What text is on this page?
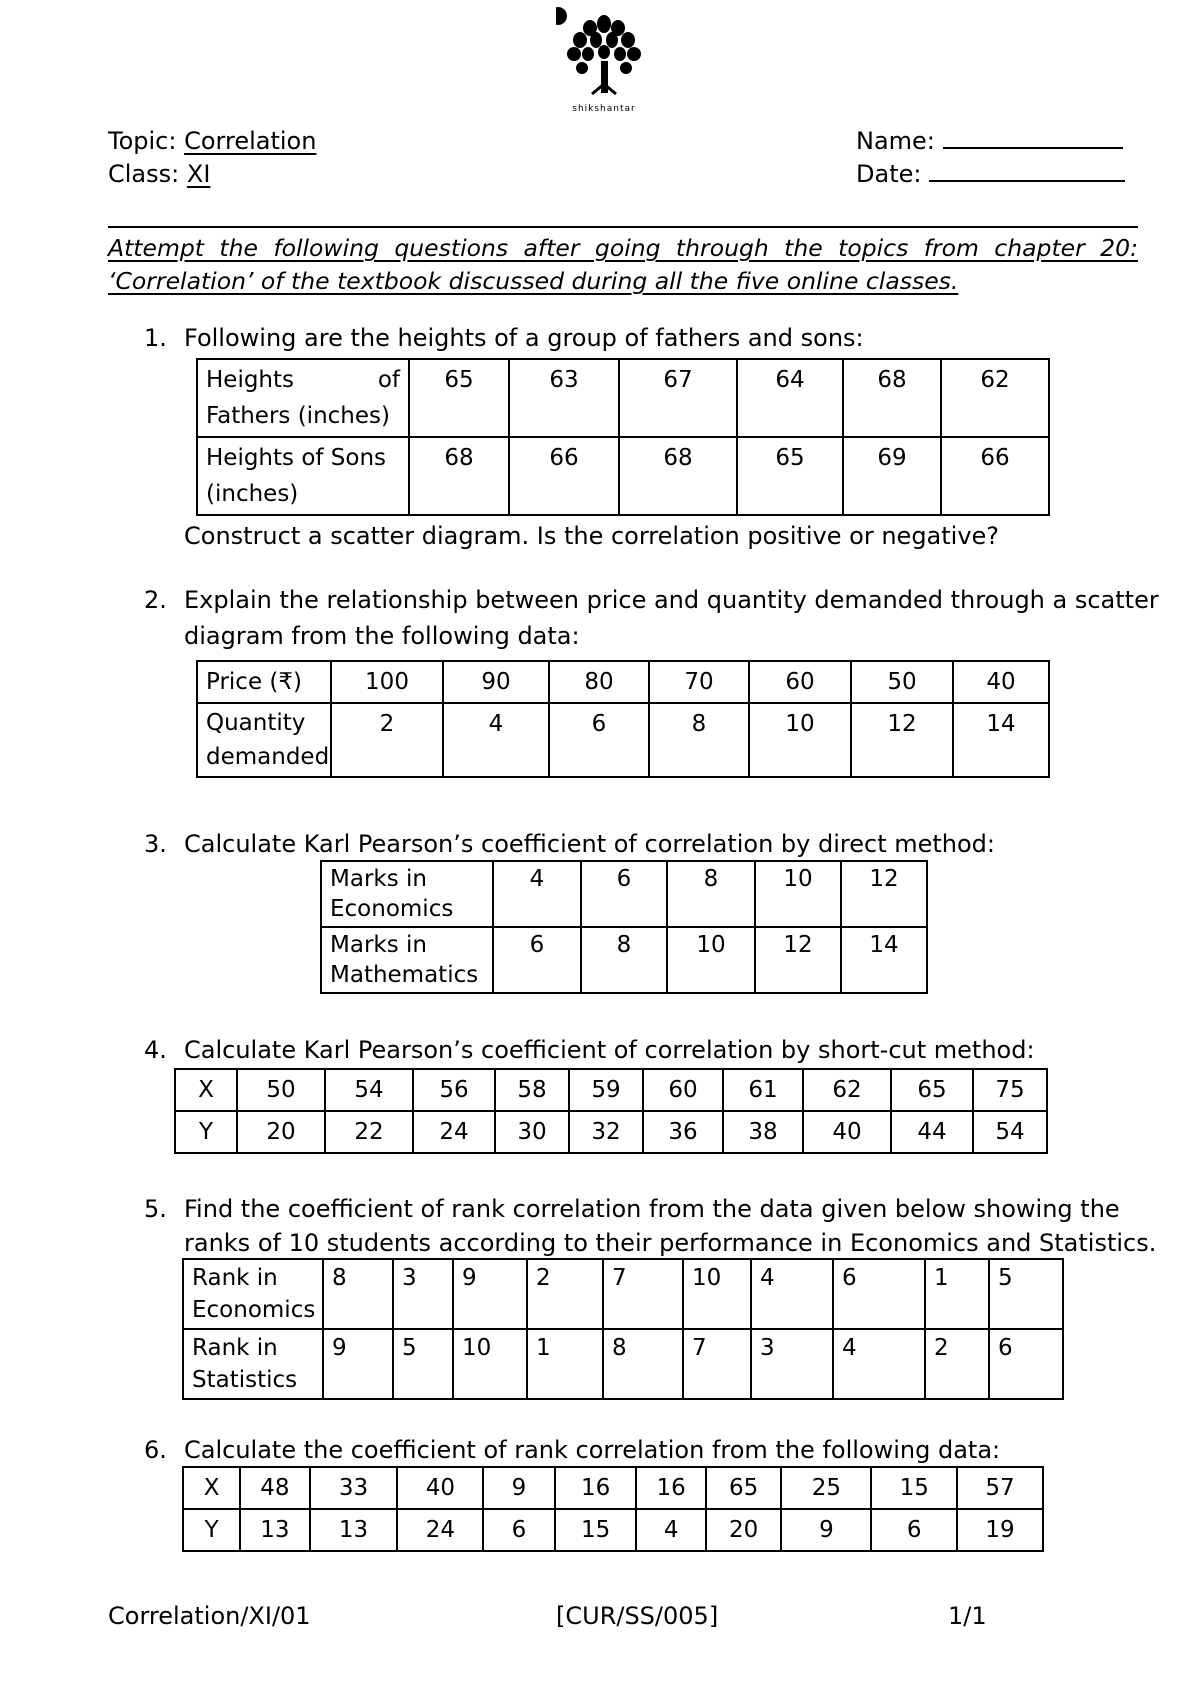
shikshantar
Topic: Correlation
Class: XI
Name:
Date:
Attempt the following questions after going through the topics from chapter 20: ‘Correlation’ of the textbook discussed during all the five online classes.
1. Following are the heights of a group of fathers and sons:
Heights of Fathers (inches)	65	63	67	64	68	62
Heights of Sons (inches)	68	66	68	65	69	66
Construct a scatter diagram. Is the correlation positive or negative?
2. Explain the relationship between price and quantity demanded through a scatter
diagram from the following data:
Price (₹)	100	90	80	70	60	50	40
Quantity demanded	2	4	6	8	10	12	14
3. Calculate Karl Pearson’s coefficient of correlation by direct method:
Marks in Economics	4	6	8	10	12
Marks in Mathematics	6	8	10	12	14
4. Calculate Karl Pearson’s coefficient of correlation by short-cut method:
X	50	54	56	58	59	60	61	62	65	75
Y	20	22	24	30	32	36	38	40	44	54
5. Find the coefficient of rank correlation from the data given below showing the
ranks of 10 students according to their performance in Economics and Statistics.
Rank in Economics	8	3	9	2	7	10	4	6	1	5
Rank in Statistics	9	5	10	1	8	7	3	4	2	6
6. Calculate the coefficient of rank correlation from the following data:
X	48	33	40	9	16	16	65	25	15	57
Y	13	13	24	6	15	4	20	9	6	19
Correlation/XI/01	[CUR/SS/005]	1/1
